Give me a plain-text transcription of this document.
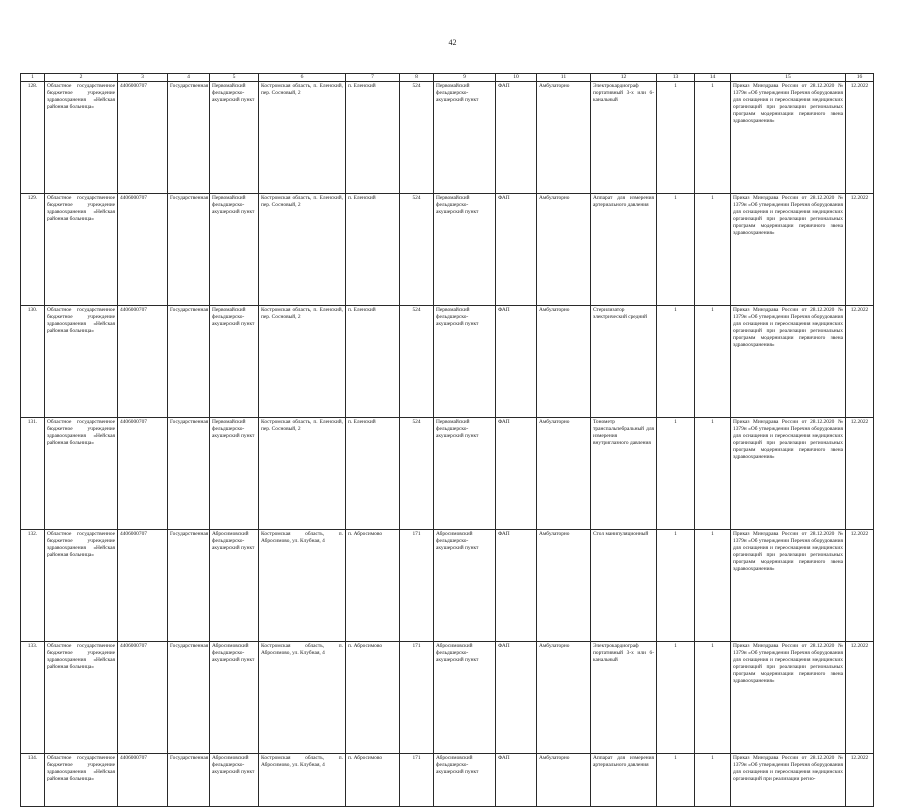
42
1	2	3	4	5	6	7	8	9	10	11	12	13	14	15	16
128.	Областное государственное бюджетное учреждение здравоохранения «Нейская районная больница»	4406000707	Государственная	Первомайский фельдшерско-акушерский пункт	Костромская область, п. Еленский, пер. Сосновый, 2	п. Еленский	524	Первомайский фельдшерско-акушерский пункт	ФАП	Амбулаторно	Электрокардиограф портативный 3-х или 6-канальный	1	1	Приказ Минздрава России от 28.12.2020 № 1379н «Об утверждении Перечня оборудования для оснащения и переоснащения медицинских организаций при реализации региональных программ модернизации первичного звена здравоохранения»	12.2022
129.	Областное государственное бюджетное учреждение здравоохранения «Нейская районная больница»	4406000707	Государственная	Первомайский фельдшерско-акушерский пункт	Костромская область, п. Еленский, пер. Сосновый, 2	п. Еленский	524	Первомайский фельдшерско-акушерский пункт	ФАП	Амбулаторно	Аппарат для измерения артериального давления	1	1	Приказ Минздрава России от 28.12.2020 № 1379н «Об утверждении Перечня оборудования для оснащения и переоснащения медицинских организаций при реализации региональных программ модернизации первичного звена здравоохранения»	12.2022
130.	Областное государственное бюджетное учреждение здравоохранения «Нейская районная больница»	4406000707	Государственная	Первомайский фельдшерско-акушерский пункт	Костромская область, п. Еленский, пер. Сосновый, 2	п. Еленский	524	Первомайский фельдшерско-акушерский пункт	ФАП	Амбулаторно	Стерилизатор электрический средний	1	1	Приказ Минздрава России от 28.12.2020 № 1379н «Об утверждении Перечня оборудования для оснащения и переоснащения медицинских организаций при реализации региональных программ модернизации первичного звена здравоохранения»	12.2022
131.	Областное государственное бюджетное учреждение здравоохранения «Нейская районная больница»	4406000707	Государственная	Первомайский фельдшерско-акушерский пункт	Костромская область, п. Еленский, пер. Сосновый, 2	п. Еленский	524	Первомайский фельдшерско-акушерский пункт	ФАП	Амбулаторно	Тонометр транспальпебральный для измерения внутриглазного давления	1	1	Приказ Минздрава России от 28.12.2020 № 1379н «Об утверждении Перечня оборудования для оснащения и переоснащения медицинских организаций при реализации региональных программ модернизации первичного звена здравоохранения»	12.2022
132.	Областное государственное бюджетное учреждение здравоохранения «Нейская районная больница»	4406000707	Государственная	Абросимовский фельдшерско-акушерский пункт	Костромская область, п. Абросимово, ул. Клубная, 4	п. Абросимово	171	Абросимовский фельдшерско-акушерский пункт	ФАП	Амбулаторно	Стол манипуляционный	1	1	Приказ Минздрава России от 28.12.2020 № 1379н «Об утверждении Перечня оборудования для оснащения и переоснащения медицинских организаций при реализации региональных программ модернизации первичного звена здравоохранения»	12.2022
133.	Областное государственное бюджетное учреждение здравоохранения «Нейская районная больница»	4406000707	Государственная	Абросимовский фельдшерско-акушерский пункт	Костромская область, п. Абросимово, ул. Клубная, 4	п. Абросимово	171	Абросимовский фельдшерско-акушерский пункт	ФАП	Амбулаторно	Электрокардиограф портативный 3-х или 6-канальный	1	1	Приказ Минздрава России от 28.12.2020 № 1379н «Об утверждении Перечня оборудования для оснащения и переоснащения медицинских организаций при реализации региональных программ модернизации первичного звена здравоохранения»	12.2022
134.	Областное государственное бюджетное учреждение здравоохранения «Нейская районная больница»	4406000707	Государственная	Абросимовский фельдшерско-акушерский пункт	Костромская область, п. Абросимово, ул. Клубная, 4	п. Абросимово	171	Абросимовский фельдшерско-акушерский пункт	ФАП	Амбулаторно	Аппарат для измерения артериального давления	1	1	Приказ Минздрава России от 28.12.2020 № 1379н «Об утверждении Перечня оборудования для оснащения и переоснащения медицинских организаций при реализации регио-	12.2022
